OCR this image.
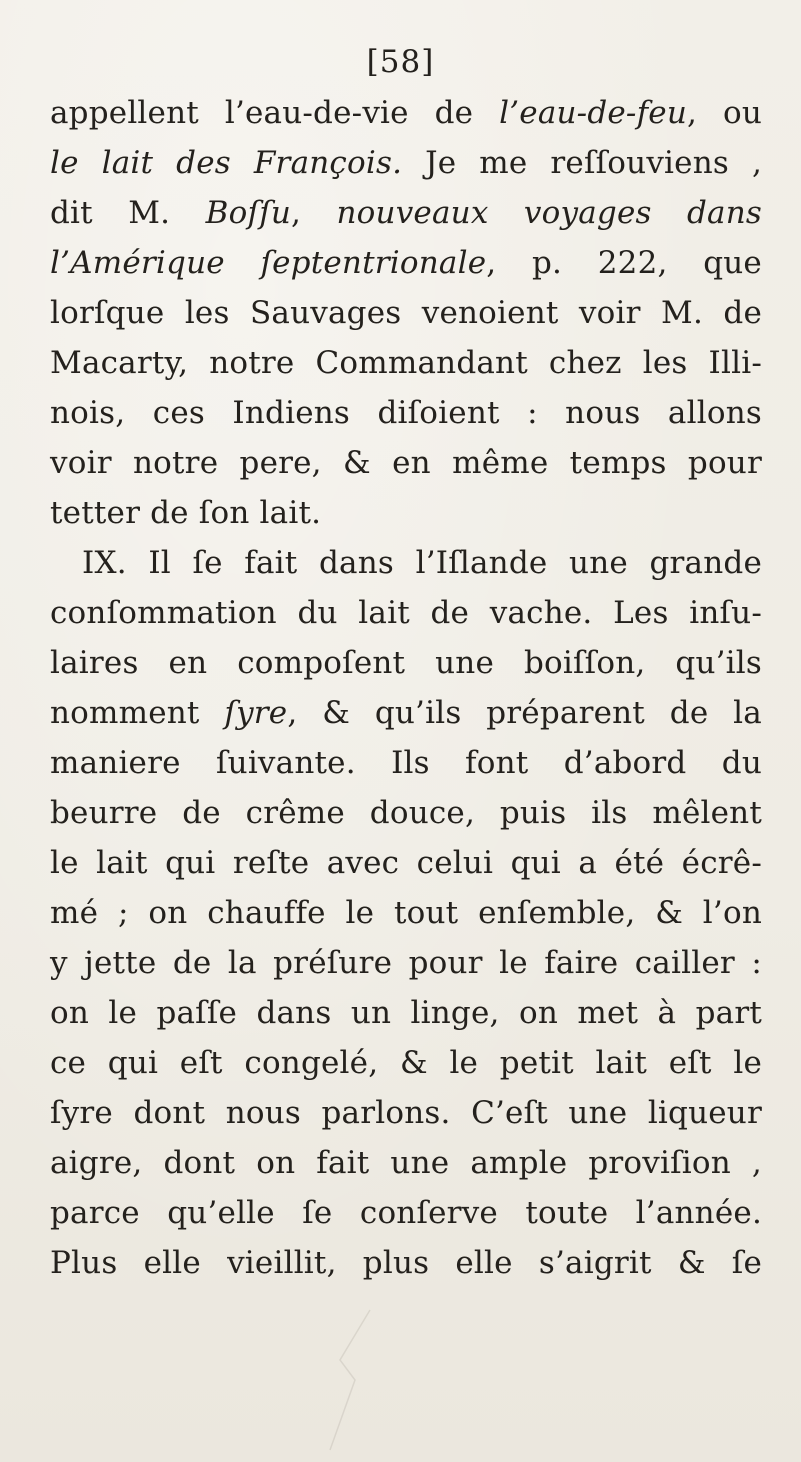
[58]
appellent l’eau-de-vie de l’eau-de-feu, ou
le lait des François. Je me reſſouviens ,
dit M. Boſſu, nouveaux voyages dans
l’Amérique ſeptentrionale, p. 222, que
lorſque les Sauvages venoient voir M. de
Macarty, notre Commandant chez les Illi-
nois, ces Indiens diſoient : nous allons
voir notre pere, & en même temps pour
tetter de ſon lait.
IX. Il ſe fait dans l’Iſlande une grande
conſommation du lait de vache. Les inſu-
laires en compoſent une boiſſon, qu’ils
nomment ſyre, & qu’ils préparent de la
maniere ſuivante. Ils font d’abord du
beurre de crême douce, puis ils mêlent
le lait qui reſte avec celui qui a été écrê-
mé ; on chauffe le tout enſemble, & l’on
y jette de la préſure pour le faire cailler :
on le paſſe dans un linge, on met à part
ce qui eſt congelé, & le petit lait eſt le
ſyre dont nous parlons. C’eſt une liqueur
aigre, dont on fait une ample proviſion ,
parce qu’elle ſe conſerve toute l’année.
Plus elle vieillit, plus elle s’aigrit & ſe
